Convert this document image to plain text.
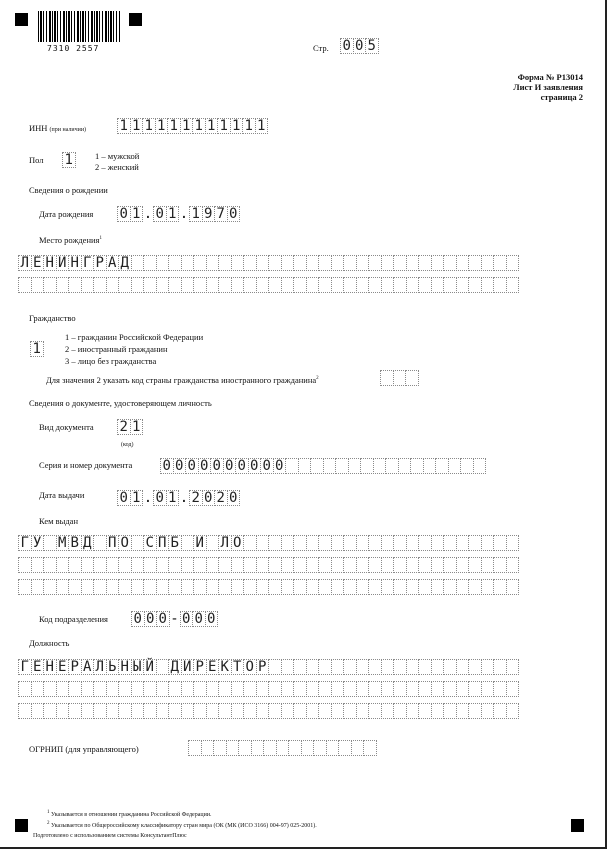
7310 2557	Стр. 0 0 5
Форма № Р13014
Лист И заявления
страница 2
ИНН (при наличии) 1 1 1 1 1 1 1 1 1 1 1 1
Пол 1	1 – мужской
2 – женский
Сведения о рождении
Дата рождения 0 1 . 0 1 . 1 9 7 0
Место рождения$^1$
Л Е Н И Н Г Р А Д
Гражданство
1
1 – гражданин Российской Федерации
2 – иностранный гражданин
3 – лицо без гражданства
Для значения 2 указать код страны гражданства иностранного гражданина$^2$
Сведения о документе, удостоверяющем личность
Вид документа 2 1
(код)
Серия и номер документа 0 0 0 0 0 0 0 0 0 0
Дата выдачи	0 1 . 0 1 . 2 0 2 0
Кем выдан
Г У М В Д П О С П Б И Л О
Код подразделения 0 0 0 - 0 0 0
Должность
Г Е Н Е Р А Л Ь Н Ы Й Д И Р Е К Т О Р
ОГРНИП (для управляющего)
$^1$ Указывается в отношении гражданина Российской Федерации.
$^2$ Указывается по Общероссийскому классификатору стран мира (ОК (МК (ИСО 3166) 004-97) 025-2001).
Подготовлено с использованием системы КонсультантПлюс
